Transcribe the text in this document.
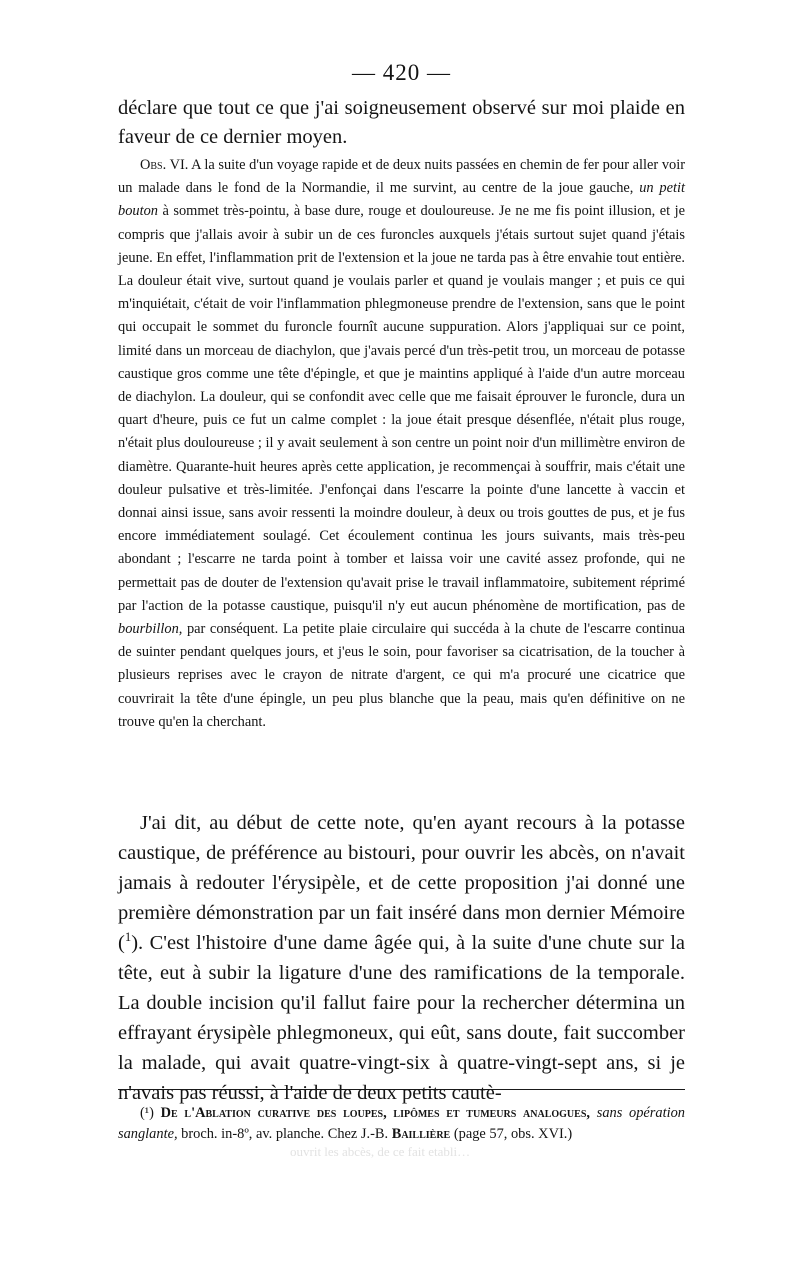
— 420 —

déclare que tout ce que j'ai soigneusement observé sur moi plaide en faveur de ce dernier moyen.

Obs. VI. A la suite d'un voyage rapide et de deux nuits passées en chemin de fer pour aller voir un malade dans le fond de la Normandie, il me survint, au centre de la joue gauche, un petit bouton à sommet très-pointu, à base dure, rouge et douloureuse. Je ne me fis point illusion, et je compris que j'allais avoir à subir un de ces furoncles auxquels j'étais surtout sujet quand j'étais jeune. En effet, l'inflammation prit de l'extension et la joue ne tarda pas à être envahie tout entière. La douleur était vive, surtout quand je voulais parler et quand je voulais manger ; et puis ce qui m'inquiétait, c'était de voir l'inflammation phlegmoneuse prendre de l'extension, sans que le point qui occupait le sommet du furoncle fournît aucune suppuration. Alors j'appliquai sur ce point, limité dans un morceau de diachylon, que j'avais percé d'un très-petit trou, un morceau de potasse caustique gros comme une tête d'épingle, et que je maintins appliqué à l'aide d'un autre morceau de diachylon. La douleur, qui se confondit avec celle que me faisait éprouver le furoncle, dura un quart d'heure, puis ce fut un calme complet : la joue était presque désenflée, n'était plus rouge, n'était plus douloureuse ; il y avait seulement à son centre un point noir d'un millimètre environ de diamètre. Quarante-huit heures après cette application, je recommençai à souffrir, mais c'était une douleur pulsative et très-limitée. J'enfonçai dans l'escarre la pointe d'une lancette à vaccin et donnai ainsi issue, sans avoir ressenti la moindre douleur, à deux ou trois gouttes de pus, et je fus encore immédiatement soulagé. Cet écoulement continua les jours suivants, mais très-peu abondant ; l'escarre ne tarda point à tomber et laissa voir une cavité assez profonde, qui ne permettait pas de douter de l'extension qu'avait prise le travail inflammatoire, subitement réprimé par l'action de la potasse caustique, puisqu'il n'y eut aucun phénomène de mortification, pas de bourbillon, par conséquent. La petite plaie circulaire qui succéda à la chute de l'escarre continua de suinter pendant quelques jours, et j'eus le soin, pour favoriser sa cicatrisation, de la toucher à plusieurs reprises avec le crayon de nitrate d'argent, ce qui m'a procuré une cicatrice que couvrirait la tête d'une épingle, un peu plus blanche que la peau, mais qu'en définitive on ne trouve qu'en la cherchant.

J'ai dit, au début de cette note, qu'en ayant recours à la potasse caustique, de préférence au bistouri, pour ouvrir les abcès, on n'avait jamais à redouter l'érysipèle, et de cette proposition j'ai donné une première démonstration par un fait inséré dans mon dernier Mémoire ($^1$). C'est l'histoire d'une dame âgée qui, à la suite d'une chute sur la tête, eut à subir la ligature d'une des ramifications de la temporale. La double incision qu'il fallut faire pour la rechercher détermina un effrayant érysipèle phlegmoneux, qui eût, sans doute, fait succomber la malade, qui avait quatre-vingt-six à quatre-vingt-sept ans, si je n'avais pas réussi, à l'aide de deux petits cautè-

(¹) De l'Ablation curative des loupes, lipômes et tumeurs analogues, sans opération sanglante, broch. in-8º, av. planche. Chez J.-B. Baillière (page 57, obs. XVI.)

ouvrit les abcès, de ce fait etabli…
